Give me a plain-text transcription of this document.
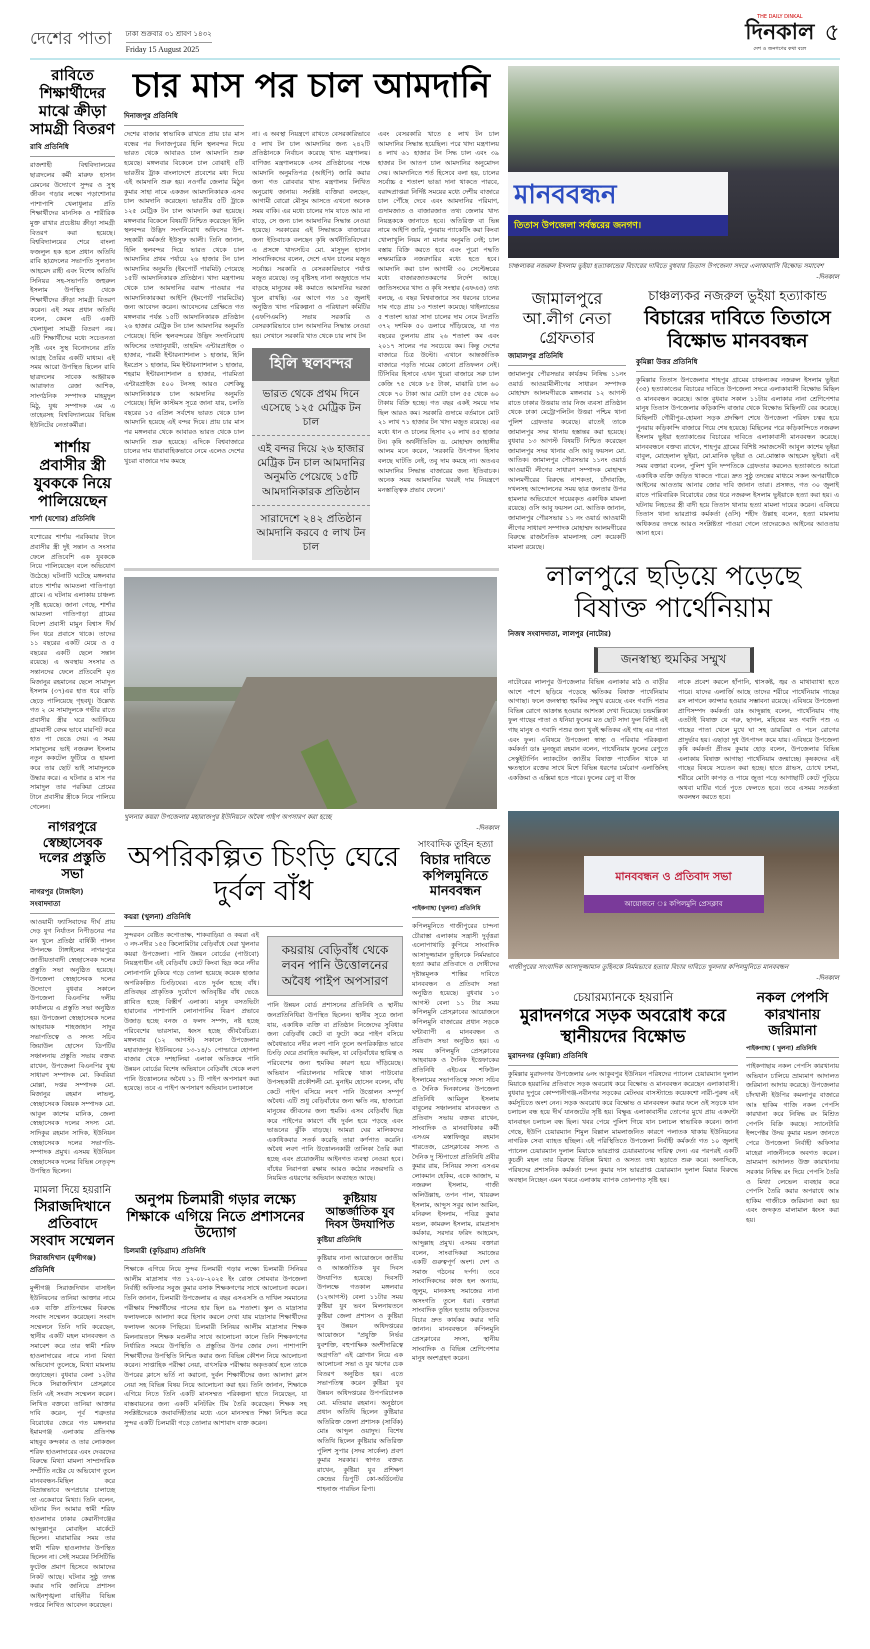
দেশের পাতা ঢাকা শুক্রবার ৩১ শ্রাবণ ১৪৩২
Friday 15 August 2025
THE DAILY DINKAL
দিনকাল
দেশ ও জনগণের কথা বলে
৫
রাবিতে শিক্ষার্থীদের মাঝে ক্রীড়া সামগ্রী বিতরণ
রাবি প্রতিনিধি
রাজশাহী বিশ্ববিদ্যালয়ের ছাত্রদলের কর্মী মারুফ হাসান রেমনের উদ্যোগে সুন্দর ও সুস্থ জীবন গড়ার লক্ষ্যে পড়াশোনার পাশাপাশি খেলাধুলার প্রতি শিক্ষার্থীদের মানসিক ও শারীরিক মুক্ত রাখার প্রচেষ্টায় ক্রীড়া সামগ্রী বিতরণ করা হয়েছে। বিশ্ববিদ্যালয়ের শেরে বাংলা ফজলুল হক হলে প্রধান অতিথি রাবি ছাত্রদলের সভাপতি সুলতান আহমেদ রাহী এবং বিশেষ অতিথি সিনিয়র সহ-সভাপতি জহুরুল ইসলাম উপস্থিত থেকে শিক্ষার্থীদের ক্রীড়া সামগ্রী বিতরণ করেন। এই সময় প্রধান অতিথি বলেন, কেবল এটি একটি খেলাধুলা সামগ্রী বিতরণ নয়। এটি শিক্ষার্থীদের মধ্যে সচেতনতা সৃষ্টি এবং সুস্থ বিনোদনের প্রতি আগ্রহ তৈরির একটি মাধ্যম। এই সময় আরো উপস্থিত ছিলেন রাবি ছাত্রদলের সাবেক আহ্বায়ক আরাফাত রেজা আশিক, সাংগঠনিক সম্পাদক মাহমুদুল মিঠু, যুগ্ম সম্পাদক এম এ তাহেরসহ বিশ্ববিদ্যালয়ের বিভিন্ন ইউনিটের নেতাকর্মীরা।
শার্শায় প্রবাসীর স্ত্রী যুবককে নিয়ে পালিয়েছেন
শার্শা (যশোর) প্রতিনিধি
যশোরের শার্শায় পরকিয়ার টানে প্রবাসীর স্ত্রী দুই সন্তান ও সংসার ফেলে প্রতিবেশি এক যুবককে নিয়ে পালিয়েছেন বলে অভিযোগ উঠেছে। ঘটনাটি ঘটেছে মঙ্গলবার রাতে শার্শার আমতলা গাতিপাড়া গ্রামে। এ ঘটনায় এলাকায় চাঞ্চল্য সৃষ্টি হয়েছে। জানা গেছে, শার্শার আমতলা গাতিপাড়া গ্রামের বিদেশ প্রবাসী মামুন বিশ্বাস দীর্ঘ দিন ধরে প্রবাসে থাকে। তাদের ১১ বছরের একটি মেয়ে ও ৫ বছরের একটি ছেলে সন্তান রয়েছে। এ অবস্থায় সংসার ও সন্তানদের ফেলে প্রতিবেশি মৃত মিজানুর রহমানের ছেলে সামাদুল ইসলাম (৩৭)এর হাত ধরে বাড়ি ছেড়ে পালিয়েছে গৃহবধূ। উল্লেখ্য গত ২ মে সামাদুলকে গভীর রাতে প্রবাসীর স্ত্রীর ঘরে আটকিয়ে গ্রামবাসী বেদম ভাবে মারপিট করে হাত পা ভেঙে দেয়। এ সময় সামাদুলের ভাই নজরুল ইসলাম নতুন ককটেল ফুটিয়ে ও হামলা করে তার ছোট ভাই সামাদুলকে উদ্ধার করে। এ ঘটনার ৪ মাস পর সামাদুল তার পরকিয়া প্রেমের টানে প্রবাসীর স্ত্রীকে নিয়ে পালিয়ে গেলেন।
নাগরপুরে স্বেচ্ছাসেবক দলের প্রস্তুতি সভা
নাগরপুর (টাঙ্গাইল) সংবাদদাতা
আওয়ামী ফ্যাসিবাদের দীর্ঘ প্রায় দেড় যুগ নির্যাতন নিপীড়নের পর মন খুলে প্রতিষ্ঠা বার্ষিকী পালন উপলক্ষে টাঙ্গাইলের নাগরপুরে জাতীয়তাবাদী স্বেচ্ছাসেবক দলের প্রস্তুতি সভা অনুষ্ঠিত হয়েছে। উপজেলা স্বেচ্ছাসেবক দলের উদ্যোগে বুধবার সকালে উপজেলা বিএনপির দলীয় কার্যালয়ে এ প্রস্তুতি সভা অনুষ্ঠিত হয়। উপজেলা স্বেচ্ছাসেবক দলের আহবায়ক শাহজাহান সাদুর সভাপতিত্বে ও সদস্য সচিব জিয়াউল হোসেন ডিপটির সঞ্চালনায় প্রস্তুতি সভায় বক্তব্য রাখেন, উপজেলা বিএনপির যুগ্ম সাধারণ সম্পাদক মো. কিবরিয়া মোল্লা, দপ্তর সম্পাদক মো. মিজানুর রহমান লাভলু, স্বেচ্ছাসেবক বিষয়ক সম্পাদক মো. আবুল কাশেম মানিক, জেলা স্বেচ্ছাসেবক দলের সদস্য মো. সাদিকুর রহমান সাদিক, ইউনিয়ন স্বেচ্ছাসেবক দলের সভাপতি-সম্পাদক প্রমুখ। এসময় ইউনিয়ন স্বেচ্ছাসেবক দলের বিভিন্ন নেতৃবৃন্দ উপস্থিত ছিলেন।
মামলা দিয়ে হয়রানি
সিরাজদিখানে প্রতিবাদে সংবাদ সম্মেলন
সিরাজদিখান (মুন্সীগঞ্জ) প্রতিনিধি
মুন্সীগঞ্জ সিরাজদিখান বাসাইল ইউনিয়নের তানিয়া আক্তার নামে এক ব্যক্তি প্রতিপক্ষের বিরুদ্ধে সংবাদ সম্মেলন করেছেন। সংবাদ সম্মেলনে তিনি দাবি করেছেন, স্থানীয় একটি মহল মানববন্ধন ও সমাবেশ করে তার স্বামী শরিফ হাওলাদারের নামে নানা মিথ্যা অভিযোগ তুলেছে, মিথ্যা মামলায় জড়াচ্ছেন। বুধবার বেলা ১২টার দিকে সিরাজদিখান প্রেসক্লাবে তিনি এই সংবাদ সম্মেলন করেন। লিখিত বক্তব্যে তানিয়া আক্তার দাবি করেন, পূর্ব শত্রুতার বিরোধের জেরে গত মঙ্গলবার ইমামগঞ্জ এলাকায় প্রতিপক্ষ মাহবুব কন্দকার ও তার লোকজন শরিফ হাওলাদারের এবং দেবরদের বিরুদ্ধে মিথ্যা মামলা সাম্প্রদায়িক সম্প্রীতি নষ্টের যে অভিযোগ তুলে মানববন্ধন-মিছিল করে বিভ্রান্তভাবে অপপ্রচার চালাচ্ছে তা একেবারে মিথ্যা। তিনি বলেন, ঘটনার দিন আমার স্বামী শরিফ হাওলাদার ঢাকার কেরানীগঞ্জের আব্দুল্লাপুর মোবাইল মার্কেটে ছিলেন। মারামারির সময় তার স্বামী শরিফ হাওলাদার উপস্থিত ছিলেন না। সেই সময়ের সিসিটিভি ফুটেজ প্রমাণ হিসেবে আমাদের নিকট আছে। ঘটনার সুষ্ঠু তদন্ত করার দাবি জানিয়ে প্রশাসন আইনশৃঙ্খলা বাহিনীর বিভিন্ন দপ্তরে লিখিত আবেদন করেছেন।
চার মাস পর চাল আমদানি
দিনাজপুর প্রতিনিধি
দেশের বাজার স্বাভাবিক রাখতে প্রায় চার মাস বন্ধের পর দিনাজপুরের হিলি স্থলবন্দর দিয়ে ভারত থেকে আবারও চাল আমদানি শুরু হয়েছে। মঙ্গলবার বিকেলে চাল বোঝাই ৫টি ভারতীয় ট্রাক বাংলাদেশে প্রবেশের মধ্য দিয়ে এই আমদানি শুরু হয়। নওগাঁর জেলার মিঠুন কুমার সাহা নামে একজন আমদানিকারক এসব চাল আমদানি করেছেন। ভারতীয় ৫টি ট্রাকে ১২৫ মেট্রিক টন চাল আমদানি করা হয়েছে। মঙ্গলবার বিকেলে বিষয়টি নিশ্চিত করেছেন হিলি স্থলবন্দর উদ্ভিদ সংগনিরোধ অফিসের উপ-সহকারী কর্মকর্তা ইউসুফ আলী। তিনি জানান, হিলি স্থলবন্দর দিয়ে ভারত থেকে চাল আমদানির প্রথম পর্যায়ে ২৬ হাজার টন চাল আমদানির অনুমতি (ইমপোর্ট পারমিট) পেয়েছে ১৫টি আমদানিকারক প্রতিষ্ঠান। খাদ্য মন্ত্রণালয় থেকে চাল আমদানির বরাদ্দ পাওয়ার পর আমদানিকারকরা আইপি (ইমপোর্ট পারমিটের) জন্য আবেদন করেন। আবেদনের প্রেক্ষিতে গত মঙ্গলবার পর্যন্ত ১৫টি আমদানিকারক প্রতিষ্ঠান ২৬ হাজার মেট্রিক টন চাল আমদানির অনুমতি পেয়েছে। হিলি স্থলবন্দরের উদ্ভিদ সংগনিরোধ অফিসের তথ্যানুযায়ী, তাহমিদ এন্টারপ্রাইজ ৩ হাজার, পারমী ইন্টারন্যাশনাল ১ হাজার, হিলি ইমপ্রেস ১ হাজার, মিম ইন্টারন্যাশনাল ১ হাজার, শহরাম ইন্টারন্যাশনাল ৪ হাজার, পারমিতা এন্টারপ্রাইজ ৫০০ টনসহ আরও বেশকিছু আমদানিকারক চাল আমদানির অনুমতি পেয়েছে। হিলি কাস্টমস সূত্রে জানা যায়, চলতি বছরের ১৫ এপ্রিল সর্বশেষ ভারত থেকে চাল আমদানি হয়েছে এই বন্দর দিয়ে। প্রায় চার মাস পর মঙ্গলবার থেকে আবারও ভারত থেকে চাল আমদানি শুরু হয়েছে। এদিকে বিশ্ববাজারে চালের দাম ধারাবাহিকভাবে নেমে এলেও দেশের খুচরা বাজারে দাম কমছে
না। এ অবস্থা নিয়ন্ত্রণে রাখতে বেসরকারিভাবে ৫ লাখ টন চাল আমদানির জন্য ২৪২টি প্রতিষ্ঠানকে নির্বাচন করেছে খাদ্য মন্ত্রণালয়। বাণিজ্য মন্ত্রণালয়কে এসব প্রতিষ্ঠানের পক্ষে আমদানি অনুমতিপত্র (আইপি) জারি করার জন্য গত রোববার খাদ্য মন্ত্রণালয় লিখিত অনুরোধ জানায়। সংশ্লিষ্ট ব্যক্তিরা বলছেন, আগামী বোরো মৌসুম আসতে এখনো অনেক সময় বাকি। এর মধ্যে চালের দাম যাতে আর না বাড়ে, সে জন্য চাল আমদানির সিদ্ধান্ত নেওয়া হয়েছে। সরকারের এই সিদ্ধান্তকে বাজারের জন্য ইতিবাচক বলছেন কৃষি অর্থনীতিবিদেরা। এ প্রসঙ্গে খাদ্যসচিব মো. মাসুদুল হাসান সাংবাদিকদের বলেন, দেশে এখন চালের মজুত সর্বোচ্চ। সরকারি ও বেসরকারিভাবে পর্যাপ্ত মজুত রয়েছে। তবু বৃষ্টিসহ নানা অজুহাতে দাম বাড়ছে মানুষের কষ্ট কমাতে আমদানির দরজা খুলে রাখছি। এর আগে গত ১৫ জুলাই অনুষ্ঠিত খাদ্য পরিকল্পনা ও পরিধারণ কমিটির (এফপিএমসি) সভায় সরকারি ও বেসরকারিভাবে চাল আমদানির সিদ্ধান্ত নেওয়া হয়। সেখানে সরকারি খাত থেকে চার লাখ টন
হিলি স্থলবন্দর
ভারত থেকে প্রথম দিনে এসেছে ১২৫ মেট্রিক টন চাল
এই বন্দর দিয়ে ২৬ হাজার মেট্রিক টন চাল আমদানির অনুমতি পেয়েছে ১৫টি আমদানিকারক প্রতিষ্ঠান
সারাদেশে ২৪২ প্রতিষ্ঠান আমদানি করবে ৫ লাখ টন চাল
এবং বেসরকারি খাতে ৫ লাখ টন চাল আমদানির সিদ্ধান্ত হয়েছিল। পরে খাদ্য মন্ত্রণালয় ৪ লাখ ৬১ হাজার টন সিদ্ধ চাল এবং ৩৯ হাজার টন আতপ চাল আমদানির অনুমোদন দেয়। আমদানিতে শর্ত হিসেবে বলা হয়, চালের সর্বোচ্চ ৫ শতাংশ ভাঙা দানা থাকতে পারবে, বরাদ্দপ্রাপ্তরা নির্দিষ্ট সময়ের মধ্যে দেশীয় বাজারে চাল পৌঁছে দেবে এবং আমদানির পরিমাণ, গুদামজাত ও বাজারজাত তথ্য জেলার খাদ্য নিয়ন্ত্রককে জানাতে হবে। অতিরিক্ত বা ভিন্ন নামে আইপি জারি, পুনরায় প্যাকেটিং করা কিংবা খোলাখুলি নিয়ম না মানার অনুমতি নেই; চাল বস্তায় বিক্রি করতে হবে এবং পুরো পদ্ধতি লক্ষ্যমাত্রিক নজরদারির মধ্যে হতে হবে। আমদানি করা চাল আগামী ৩০ সেপ্টেম্বরের মধ্যে বাজারজাতকরণের নির্দেশ আছে। জাতিসংঘের খাদ্য ও কৃষি সংস্থার (এফএও) তথ্য বলছে, এ বছর বিশ্ববাজারে সব ধরনের চালের দাম গড়ে প্রায় ১৩ শতাংশ কমেছে। থাইল্যান্ডের ৫ শতাংশ ভাঙা সাদা চালের দাম নেমে টনপ্রতি ৩৭২ দশমিক ৫০ ডলারে দাঁড়িয়েছে, যা গত বছরের তুলনায় প্রায় ২৬ শতাংশ কম এবং ২০১৭ সালের পর সবচেয়ে কম। কিন্তু দেশের বাজারে চিত্র উল্টো। এখানে আন্তর্জাতিক বাজারে পড়তি দামের কোনো প্রতিফলন নেই। টিসিবির হিসাবে এখন খুচরা বাজারে সরু চাল কেজি ৭৫ থেকে ৮৫ টাকা, মাঝারি চাল ৬০ থেকে ৭০ টাকা আর মোটা চাল ৫৫ থেকে ৬০ টাকায় বিক্রি হচ্ছে। গত বছর একই সময়ে দাম ছিল আরও কম। সরকারি গুদামে বর্তমানে মোট ২১ লাখ ৭১ হাজার টন খাদ্য মজুত রয়েছে। এর মধ্যে ধান ও চালের হিসাব ২০ লাখ ৪৫ হাজার টন। কৃষি অর্থনীতিবিদ ড. মোহাম্মদ জাহাঙ্গীর আলম মনে করেন, 'সরকারি উৎপাদন হিসাব বলছে ঘাটতি নেই, তবু দাম কমছে না। অতএব আমদানির সিদ্ধান্ত বাজারের জন্য ইতিবাচক। অনেক সময় আমদানির খবরই দাম নিয়ন্ত্রণে মনস্তাত্ত্বিক প্রভাব ফেলে।'
খুলনার কয়রা উপজেলার মহারাজপুর ইউনিয়নে অবৈধ পাইপ অপসারণ করা হচ্ছে
-দিনকাল
অপরিকল্পিত চিংড়ি ঘেরে দুর্বল বাঁধ
কয়রা (খুলনা) প্রতিনিধি
সুন্দরবন বেষ্টিত কপোতাক্ষ, শাকবাড়িয়া ও কয়রা এই ৩ নদ-নদীর ১৫৫ কিলোমিটার বেড়িবাঁধে ঘেরা খুলনার কয়রা উপজেলা। পানি উন্নয়ন বোর্ডের (পাউবো) নিয়ন্ত্রণাধীন এই বেড়িবাঁধ কেটে কিংবা ছিদ্র করে নদীর লোনাপানি ঢুকিয়ে গড়ে তোলা হয়েছে কয়েক হাজার অপরিকল্পিত চিংড়িঘের। এতে দুর্বল হচ্ছে বাঁধ। প্রতিবছর প্রাকৃতিক দুর্যোগে অতিবৃষ্টির বাঁধ ভেঙে প্লাবিত হচ্ছে বিস্তীর্ণ এলাকা। মানুষ বসতভিটা হারানোর পাশাপাশি লোনাপানির বিরূপ প্রভাবে উজাড় হচ্ছে বনজ ও ফলদ সম্পদ, নষ্ট হচ্ছে পরিবেশের ভারসাম্য, ধ্বংস হচ্ছে জীববৈচিত্র্য। মঙ্গলবার (১২ আগস্ট) সকালে উপজেলার মহারাজপুর ইউনিয়নের ১৩-১৪/১ পোল্ডারে হোগলা বাজার থেকে দশহালিয়া এলাকা অতিক্রমে পানি উন্নয়ন বোর্ডের বিশেষ অভিযানে বেড়িবাঁধ থেকে লবণ পানি উত্তোলনের অবৈধ ১১ টি পাইপ অপসারণ করা হয়েছে। তবে এ পাইপ অপসারণ অভিযান চলাকালে
কয়রায় বেড়িবাঁধ থেকে লবন পানি উত্তোলনের অবৈধ পাইপ অপসারণ
পানি উন্নয়ন বোর্ড প্রশাসনের প্রতিনিধি ও স্থানীয় জনপ্রতিনিধিরা উপস্থিত ছিলেন। স্থানীয় সূত্রে জানা যায়, একাধিক ব্যক্তি বা প্রতিষ্ঠান নিজেদের সুবিধার জন্য বেড়িবাঁধ কেটে বা ফুটো করে পাইপ বসিয়ে অবৈধভাবে নদীর লবণ পানি তুলে অপরিকল্পিত ভাবে চিংড়ি ঘেরে প্রবাহিত করছিল, যা বেড়িবাঁধের স্থায়িত্ব ও পরিবেশের জন্য হুমকির কারণ হয়ে দাঁড়িয়েছে। অভিযান পরিচালনার দায়িত্বে থাকা পাউবোর উপসহকারী প্রকৌশলী মো. মুনাইম হোসেন বলেন, বাঁধ কেটে পাইপ বসিয়ে লবণ পানি উত্তোলন সম্পূর্ণ অবৈধ। এটি শুধু বেড়িবাঁধের জন্য ক্ষতি নয়, হাজারো মানুষের জীবনের জন্য হুমকি। এসব বেড়িবাঁধ ছিদ্র করে পাইপের কারণে বাঁধ দুর্বল হয়ে পড়ছে এবং ভাঙনের ঝুঁকি বাড়ছে। আমরা ঘের মালিকদের একাধিকবার সতর্ক করেছি তারা কর্ণপাত করেনি। অবৈধ লবণ পানি উত্তোলনকারী তালিকা তৈরি করা হচ্ছে এবং প্রয়োজনীয় আইনগত ব্যবস্থা নেওয়া হবে। বাঁধের নিরাপত্তা রক্ষায় আরও কঠোর নজরদারি ও নিয়মিত এধরণের অভিযান অব্যাহত আছে।
অনুপম চিলমারী গড়ার লক্ষ্যে শিক্ষাকে এগিয়ে নিতে প্রশাসনের উদ্যোগ
চিলমারী (কুড়িগ্রাম) প্রতিনিধি
শিক্ষাকে এগিয়ে নিয়ে সুন্দর চিলমারী গড়ার লক্ষ্যে চিলমারী সিনিয়র আলীম মাদ্রাসায় গত ১২-০৮-২০২৫ ইং রোজ সোমবার উপজেলা নির্বাহী অফিসার সবুজ কুমার বসাক শিক্ষকগণের সাথে আলোচনা করেন। তিনি জানান, চিলমারী উপজেলায় এ বছর এসএসসি ও দাখিল সমমানের পরীক্ষায় শিক্ষার্থীদের পাসের হার ছিল ৪৯ শতাংশ। স্কুল ও মাদ্রাসার ফলাফলকে আলাদা করে হিসাব করলে দেখা যায় মাদ্রাসার শিক্ষার্থীদের ফলাফল অনেক পিছিয়ে। চিলমারী সিনিয়র আলীম মাদ্রাসার শিক্ষক মিলনায়তনে শিক্ষক মণ্ডলীর সাথে আলোচনা কালে তিনি শিক্ষকগণের নির্ধারিত সময়ে উপস্থিতি ও প্রস্তুতির উপর জোর দেন। পাশাপাশি শিক্ষার্থীদের উপস্থিতি নিশ্চিত করার জন্য বিভিন্ন কৌশল নিয়ে আলোচনা করেন। সাপ্তাহিক পরীক্ষা নেয়া, বাৎসরিক পরীক্ষায় অকৃতকার্য হলে তাকে উপরের ক্লাসে ভর্তি না করানো, দুর্বল শিক্ষার্থীদের জন্য আলাদা ক্লাস নেয়া সহ বিভিন্ন বিষয় নিয়ে আলোচনা করা হয়। তিনি জানান, শিক্ষাকে এগিয়ে নিতে তিনি একটি মানসম্মত পরিকল্পনা হাতে নিয়েছেন, যা বাস্তবায়নের জন্য একটি মনিটরিং টিম তৈরি করেছেন। শিক্ষক সহ সংশ্লিষ্টদেরকে জবাবদিহীতার মধ্যে এনে মানসম্মত শিক্ষা নিশ্চিত করে সুন্দর একটি চিলমারী গড়ে তোলার আশাবাদ ব্যক্ত করেন।
কুষ্টিয়ায় আন্তর্জাতিক যুব দিবস উদযাপিত
কুষ্টিয়া প্রতিনিধি
কুষ্টিয়ায় নানা আয়োজনে জাতীয় ও আন্তর্জাতিক যুব দিবস উদযাপিত হয়েছে। দিবসটি উপলক্ষে গতকাল মঙ্গলবার (১২আগস্ট) বেলা ১১টার সময় কুষ্টিয়া যুব ভবন মিলনায়তনে কুষ্টিয়া জেলা প্রশাসন ও কুষ্টিয়া যুব উন্নয়ন অধিদপ্তরের আয়োজনে "প্রযুক্তি নির্ভর যুবশক্তি, বহুপাক্ষিক অংশীদারিত্বে অগ্রগতি" এই স্লোগান নিয়ে এক আলোচনা সভা ও যুব ঋণের চেক বিতরণ অনুষ্ঠিত হয়। এতে সভাপতিত্ব করেন কুষ্টিয়া যুব উন্নয়ন অধিদপ্তরের উপপরিচালক মো. মতিয়ার রহমান। অনুষ্ঠানে প্রধান অতিথি ছিলেন কুষ্টিয়ার অতিরিক্ত জেলা প্রশাসক (সার্বিক) মোঃ আব্দুল ওয়াদুদ। বিশেষ অতিথি ছিলেন কুষ্টিয়ার অতিরিক্ত পুলিশ সুপার (সদর সার্কেল) প্রবণ কুমার সরকার। স্বাগত বক্তব্য রাখেন, কুষ্টিয়া যুব প্রশিক্ষণ কেন্দ্রের ডিপুটি কো-অর্ডিনেটর শাহনাজ পারভিন রিপা।
সাংবাদিক তুহিন হত্যা
বিচার দাবিতে কপিলমুনিতে মানববন্ধন
পাইকগাছা (খুলনা) প্রতিনিধি
কপিলমুনিতে গাজীপুরের চান্দনা চৌরাস্তা এলাকায় সন্ত্রাসী দুর্বৃত্তরা এলোপাথাড়ি কুপিয়ে সাংবাদিক আসাদুজ্জামান তুহিনকে নির্মমভাবে হত্যা করার প্রতিবাদে ও দোষীদের দৃষ্টান্তমূলক শাস্তির দাবিতে মানববন্ধন ও প্রতিবাদ সভা অনুষ্ঠিত হয়েছে। বুধবার ১৩ আগস্ট বেলা ১১ টার সময় কপিলমুনি প্রেসক্লাবের আয়োজনে কপিলমুনি বাজারের প্রধান সড়কে ঘন্টাব্যাপী এ মানববন্ধন ও প্রতিবাদ সভা অনুষ্ঠিত হয়। এ সময় কপিলমুনি প্রেসক্লাবের আহবায়ক ও দৈনিক ইত্তেফাকের প্রতিনিধি এইচএম শফিউল ইসলামের সভাপতিত্বে সদস্য সচিব ও দৈনিক দিনকালের উপজেলা প্রতিনিধি আমিনুল ইসলাম বাবুলের সঞ্চালনায় মানববন্ধন ও প্রতিবাদ সভায় বক্তব্য রাখেন, সাংবাদিক ও মানবাধিকার কর্মী এসএম মস্তাফিজুর রহমান শারতেজ, প্রেসক্লাবের সদস্য ও দৈনিক দু স্টিপাতো প্রতিনিধি প্রবীর কুমার রায়, সিনিয়র সদস্য এসএম লোকমান হেকিম, একে আজাদ, ম নজরুল ইসলাম, গাজী অলিউল্লাহ, তপন পাল, খায়রুল ইসলাম, আব্দুস সবুর আল আমিন, মনিরুল ইসলাম, পবিত্র কুমার মন্ডল, কামরুল ইসলাম, রামপ্রসাদ কর্মকার, সরদার ফরিদ আহমেদ, আব্দুল্লাহ প্রমুখ। এসময় বক্তারা বলেন, সাংবাদিকরা সমাজের একটি গুরুত্বপূর্ণ অংশ। দেশ ও সমাজ গঠনের দর্পণ। তবে সাংবাদিকদের কাজ হল অন্যায়, জুলুম, মানকসহ সমাজের নানা অসংগতি তুলে ধরা। বক্তারা সাংবাদিক তুহিন হত্যায় জড়িতদের বিচার দ্রুত কার্যকর করার দাবি জানান। মানববন্ধনে কপিলমুনি প্রেসক্লাবের সদস্য, স্থানীয় সাংবাদিক ও বিভিন্ন শ্রেণিপেশার মানুষ অংশগ্রহণ করেন।
মানববন্ধন
তিতাস উপজেলা সর্বস্তরের জনগণ।
চাঞ্চল্যকর নজরুল ইসলাম ভুইয়া হত্যাকান্ডের বিচারের দাবিতে বুধবার তিতাস উপজেলা সদরে এলাকাবাসি বিক্ষোভ সমাবেশ
-দিনকাল
জামালপুরে আ.লীগ নেতা গ্রেফতার
জামালপুর প্রতিনিধি
জামালপুর পৌরসভার কার্যক্রম নিষিদ্ধ ১১নং ওয়ার্ড আওয়ামীলীগের সাধারন সম্পাদক মোহাম্মদ আলমগীরকে মঙ্গলবার ১২ আগস্ট রাতে ঢাকার উত্তরায় তার নিজ ব্যবসা প্রতিষ্ঠান থেকে ঢাকা মেট্রোপলিটন উত্তরা পশ্চিম থানা পুলিশ গ্রেফতার করেছে। রাতেই তাকে জামালপুর সদর থানায় হস্তান্তর করা হয়েছে। বুধবার ১৩ আগস্ট বিষয়টি নিশ্চিত করেছেন জামালপুর সদর থানার ওসি আবু ফয়সল মো. আতিক। জামালপুর পৌরসভার ১১নং ওয়ার্ড আওয়ামী লীগের সাধারণ সম্পাদক মোহাম্মদ আলমগীরের বিরুদ্ধে নাশকতা, চাঁদাবাজি, দখলসহ আন্দোলনের সময় ছাত্র জনতার উপর হামলার অভিযোগে দায়েরকৃত একাধিক মামলা রয়েছে। ওসি আবু ফয়সল মো. আতিক জানান, জামালপুর পৌরসভার ১১ নং ওয়ার্ড আওয়ামী লীগের সাধারণ সম্পাদক মোহাম্মদ আলমগীরের বিরুদ্ধে রাজনৈতিক মামলাসহ বেশ কয়েকটি মামলা রয়েছে।
চাঞ্চল্যকর নজরুল ভুইয়া হত্যাকান্ড
বিচারের দাবিতে তিতাসে বিক্ষোভ মানববন্ধন
কুমিল্লা উত্তর প্রতিনিধি
কুমিল্লার তিতাস উপজেলার শাহপুর গ্রামের চাঞ্চল্যকর নজরুল ইসলাম ভুইয়া (৩৫) হত্যাকাণ্ডের বিচারের দাবিতে উপজেলা সদরে এলাকাবাসী বিক্ষোভ মিছিল ও মানববন্ধন করেছে। আজ বুধবার সকাল ১১টায় এলাকার নানা শ্রেণিপেশার মানুষ তিতাস উপজেলার কড়িকান্দি বাজার থেকে বিক্ষোভ মিছিলটি বের করেছে। মিছিলটি গৌরীপুর-হোমনা সড়ক প্রদক্ষিণ শেষে উপজেলা পরিষদ চত্বর হয়ে পুনরায় কড়িকান্দি বাজারে গিয়ে শেষ হয়েছে। মিছিলের পরে কড়িকান্দিতে নজরুল ইসলাম ভুইয়া হত্যাকাণ্ডের বিচারের দাবিতে এলাকাবাসী মানববন্ধন করেছে। মানববন্ধনে বক্তব্য রাখেন, শাহপুর গ্রামের বিশিষ্ট সমাজসেবী আবুল কাশেম ভূইয়া বাবুল, মোহেলাল ভূইয়া, মো.মানিক ভূইয়া ও মো.মোস্তাক আহমেদ ভূইয়া। এই সময় বক্তারা বলেন, পুলিশ খুনি দম্পতিকে গ্রেফতার করলেও হত্যাকাণ্ডে আরো একাধিক ব্যক্তি জড়িত থাকতে পারে। দ্রুত সুষ্ঠু তদন্তের মাধ্যমে সকল অপরাধীকে আইনের আওতায় আনার জোর দাবি জানান তারা। প্রসঙ্গত, গত ৩০ জুলাই রাতে পারিবারিক বিরোধের জের ধরে নজরুল ইসলাম ভুইয়াকে হত্যা করা হয়। এ ঘটনায় নিহতের স্ত্রী বাদী হয়ে তিতাস থানায় হত্যা মামলা দায়ের করেন। এবিষয়ে তিতাস থানা ভারপ্রাপ্ত কর্মকর্তা (ওসি) শহীদ উল্লাহ বলেন, হত্যা মামলায় অধিকতর তদন্তে আরও সংশ্লিষ্টতা পাওয়া গেলে তাদেরকেও আইনের আওতায় আনা হবে।
লালপুরে ছড়িয়ে পড়েছে বিষাক্ত পার্থেনিয়াম
নিজস্ব সংবাদদাতা, লালপুর (নাটোর)
জনস্বাস্থ্য হুমকির সম্মুখ
নাটোরের লালপুর উপজেলার বিভিন্ন এলাকার মাঠ ও বাড়ীর আশে পাশে ছড়িয়ে পড়েছে ক্ষতিকর বিষাক্ত পার্থেনিয়াম আগাছা। ফলে জনস্বাস্থ্য হুমকির সম্মুখ রয়েছে এবং গবাদি পশুর বিভিন্ন রোগে আক্রান্ত হওয়ার আশংকা দেখা দিয়েছে। চন্দ্রমল্লিকা ফুল গাছের পাতা ও ধনিয়া ফুলের মত ছোট সাদা ফুল বিশিষ্ট এই গাছ মানুষ ও গবাদি পশুর জন্য খুবই ক্ষতিকর এই গাছ এর পাতা এবং ফুল। এবিষয়ে উপজেলা স্বাস্থ্য ও পরিবার পরিকল্পনা কর্মকর্তা ডাঃ মুনজুরা রহমান বলেন, পার্থেনিয়াম ফুলের রেণুতে সেস্কুইটার্পিন ল্যাকটোন জাতীয় বিষাক্ত পার্থেনিন থাকে যা ক্ষতস্থানে রক্তের সাথে মিশে বিভিন্ন ধরণের চর্মরোগ এলার্জিসহ একজিমা ও এক্সিমা হতে পারে। ফুলের রেণু বা বীজ
নাকে প্রবেশ করলে হাঁপানি, শ্বাসকষ্ট, জ্বর ও মাথাব্যাথা হতে পারে। যাদের এলার্জি আছে তাদের শরীরে পার্থেনিয়াম গাছের রস লাগলে ক্যান্সার হওয়ার সম্ভাবনা রয়েছে। এবিষয়ে উপজেলা প্রাণিসম্পদ কর্মকর্তা ডাঃ আব্দুল্লাহ বলেন, পার্থেনিয়াম গাছ এতটাই বিষাক্ত যে গরু, ছাগল, মহিষের মত গবাদি পশু এ গাছের পাতা খেলে মুখে ঘা সহ ডায়রিয়া ও পচন রোগের প্রাদুর্ভাব হয়। এছাড়া দুধ উৎপাদন কমে যায়। এবিষয়ে উপজেলা কৃষি কর্মকর্তা প্রীতম কুমার হোড় বলেন, উপজেলার বিভিন্ন এলাকায় বিষাক্ত আগাছা পার্থেনিয়াম জন্মাচ্ছে। কৃষকদের এই গাছের বিষয়ে সচেতন করা হচ্ছে। হাতে গ্লাভস, চোখে চশমা, শরীরে মোটা কাপড় ও পায়ে জুতা পড়ে আগাছাটি কেটে পুড়িয়ে অথবা মাটির গর্তে পুতে ফেলতে হবে। তবে এসময় সতর্কতা অবলম্বন করতে হবে।
মানববন্ধন ও প্রতিবাদ সভা
আয়োজনে ঃ কপিলমুনি প্রেসক্লাব
গাজীপুরের সাংবাদিক আসাদুজ্জামান তুহিনকে নির্মমভাবে হত্যার বিচার দাবিতে খুলনার কপিলমুনিতে মানববন্ধন
-দিনকাল
চেয়ারম্যানকে হয়রানি
মুরাদনগরে সড়ক অবরোধ করে স্থানীয়দের বিক্ষোভ
মুরাদনগর (কুমিল্লা) প্রতিনিধি
কুমিল্লার মুরাদনগর উপজেলার ৬নং আকুবপুর ইউনিয়ন পরিষদের প্যানেল চেয়ারম্যান দুলাল মিয়াকে হয়রানির প্রতিবাদে সড়ক অবরোধ করে বিক্ষোভ ও মানববন্ধন করেছেন এলাকাবাসী। বুধবার দুপুরে কোম্পানীগঞ্জ-নবীনগর সড়কের মেটংঘর বাসস্ট্যান্ডে কয়েকশো নারী-পুরুষ এই কর্মসূচিতে অংশ নেন। সড়ক অবরোধ করে বিক্ষোভ ও মানববন্ধন করার ফলে ওই সড়কে যান চলাচল বন্ধ হয়ে দীর্ঘ যানজটের সৃষ্টি হয়। বিক্ষুব্ধ এলাকাবাসীর তোপের মুখে প্রায় একঘন্টা যানবাহন চলাচল বন্ধ ছিল। খবর পেয়ে পুলিশ গিয়ে যান চলাচল স্বাভাবিক করেন। জানা গেছে, ইউপি চেয়ারম্যান শিমুল বিল্লাল মামলাজনিত কারণে পলাতক থাকায় ইউনিয়নের নাগরিক সেবা ব্যাহত হচ্ছিল। এই পরিস্থিতিতে উপজেলা নির্বাহী কর্মকর্তা গত ১০ জুলাই প্যানেল চেয়ারম্যান দুলাল মিয়াকে ভারপ্রাপ্ত চেয়ারম্যানের দায়িত্ব দেন। এর পরপরই একটি কুচক্রী মহল তার বিরুদ্ধে বিভিন্ন মিথ্যা ও অসত্য তথ্য ছড়াতে শুরু করে। অন্যদিকে, পরিষদের প্রশাসনিক কর্মকর্তা চন্দন কুমার দাস ভারপ্রাপ্ত চেয়ারম্যান দুলাল মিয়ার বিরুদ্ধে অবস্থান নিচ্ছেন এমন খবরে এলাকায় ব্যাপক তোলপাড় সৃষ্টি হয়।
নকল পেপসি কারখানায় জরিমানা
পাইকগাছা ( খুলনা) প্রতিনিধি
পাইকগাছায় নকল পেপসি কারখানায় অভিযান চালিয়ে ভ্রাম্যমাণ আদালত জরিমানা আদায় করেছে। উপজেলার চাঁদখালী ইউপির কমলাপুর বাজারে আঃ হাকিম গাজি নকল পেপসি কারখানা করে নিষিদ্ধ রং মিশ্রিত পেপসি বিক্রি করছে। স্যানেটারি ইন্সপেক্টর উদয় কুমার মন্ডল জানতে পেরে উপজেলা নির্বাহী অফিসার মাহেরা নাজনীনকে অবগত করেন। ভ্রাম্যমাণ আদালত উক্ত কারখানায় সরকার নিষিদ্ধ রং দিয়ে পেপসি তৈরি ও মিথ্যা লেভেল ব্যবহার করে পেপসি তৈরি করার অপরাধে আঃ হাকিম গাজীকে জরিমানা করা হয় এবং জব্দকৃত মালামাল ধ্বংস করা হয়।
